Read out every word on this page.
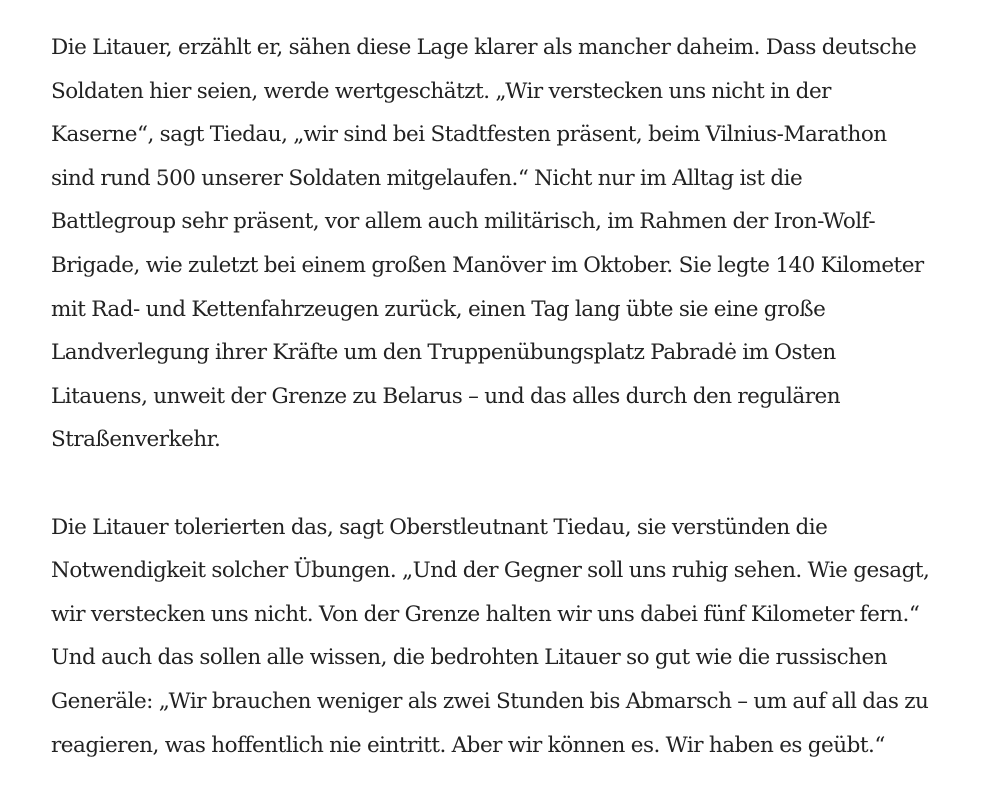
Die Litauer, erzählt er, sähen diese Lage klarer als mancher daheim. Dass deutsche

Soldaten hier seien, werde wertgeschätzt. „Wir verstecken uns nicht in der

Kaserne“, sagt Tiedau, „wir sind bei Stadtfesten präsent, beim Vilnius-Marathon

sind rund 500 unserer Soldaten mitgelaufen.“ Nicht nur im Alltag ist die

Battlegroup sehr präsent, vor allem auch militärisch, im Rahmen der Iron-Wolf-

Brigade, wie zuletzt bei einem großen Manöver im Oktober. Sie legte 140 Kilometer

mit Rad- und Kettenfahrzeugen zurück, einen Tag lang übte sie eine große

Landverlegung ihrer Kräfte um den Truppenübungsplatz Pabradė im Osten

Litauens, unweit der Grenze zu Belarus – und das alles durch den regulären

Straßenverkehr.

Die Litauer tolerierten das, sagt Oberstleutnant Tiedau, sie verstünden die

Notwendigkeit solcher Übungen. „Und der Gegner soll uns ruhig sehen. Wie gesagt,

wir verstecken uns nicht. Von der Grenze halten wir uns dabei fünf Kilometer fern.“

Und auch das sollen alle wissen, die bedrohten Litauer so gut wie die russischen

Generäle: „Wir brauchen weniger als zwei Stunden bis Abmarsch – um auf all das zu

reagieren, was hoffentlich nie eintritt. Aber wir können es. Wir haben es geübt.“
